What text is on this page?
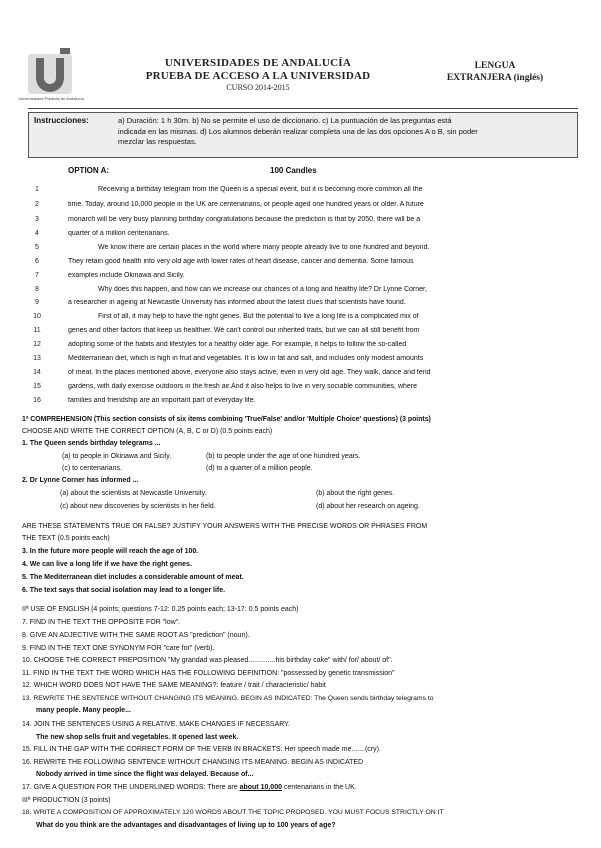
Universidades Públicas de Andalucía
UNIVERSIDADES DE ANDALUCÍA
PRUEBA DE ACCESO A LA UNIVERSIDAD
CURSO 2014-2015
LENGUA
EXTRANJERA (inglés)
Instrucciones:	a) Duración: 1 h 30m. b) No se permite el uso de diccionario. c) La puntuación de las preguntas está
indicada en las mismas. d) Los alumnos deberán realizar completa una de las dos opciones A o B, sin poder
mezclar las respuestas.
OPTION A:	100 Candles
1	Receiving a birthday telegram from the Queen is a special event, but it is becoming more common all the
2	time. Today, around 10,000 people in the UK are centenarians, or people aged one hundred years or older. A future
3	monarch will be very busy planning birthday congratulations because the prediction is that by 2050, there will be a
4	quarter of a million centenarians.
5	We know there are certain places in the world where many people already live to one hundred and beyond.
6	They retain good health into very old age with lower rates of heart disease, cancer and dementia. Some famous
7	examples include Okinawa and Sicily.
8	Why does this happen, and how can we increase our chances of a long and healthy life? Dr Lynne Corner,
9	a researcher in ageing at Newcastle University has informed about the latest clues that scientists have found.
10	First of all, it may help to have the right genes. But the potential to live a long life is a complicated mix of
11	genes and other factors that keep us healthier. We can't control our inherited traits, but we can all still benefit from
12	adopting some of the habits and lifestyles for a healthy older age. For example, it helps to follow the so-called
13	Mediterranean diet, which is high in fruit and vegetables. It is low in fat and salt, and includes only modest amounts
14	of meat. In the places mentioned above, everyone also stays active, even in very old age. They walk, dance and tend
15	gardens, with daily exercise outdoors in the fresh air.And it also helps to live in very sociable communities, where
16	families and friendship are an important part of everyday life.
1ª COMPREHENSION (This section consists of six items combining 'True/False' and/or 'Multiple Choice' questions) (3 points)
CHOOSE AND WRITE THE CORRECT OPTION (A, B, C or D) (0.5 points each)
1. The Queen sends birthday telegrams ...
(a) to people in Okinawa and Sicily.	(b) to people under the age of one hundred years.
(c) to centenarians.	(d) to a quarter of a million people.
2. Dr Lynne Corner has informed ...
(a) about the scientists at Newcastle University.	(b) about the right genes.
(c) about new discoveries by scientists in her field.	(d) about her research on ageing.
ARE THESE STATEMENTS TRUE OR FALSE? JUSTIFY YOUR ANSWERS WITH THE PRECISE WORDS OR PHRASES FROM
THE TEXT (0.5 points each)
3. In the future more people will reach the age of 100.
4. We can live a long life if we have the right genes.
5. The Mediterranean diet includes a considerable amount of meat.
6. The text says that social isolation may lead to a longer life.
IIª USE OF ENGLISH (4 points; questions 7-12: 0.25 points each; 13-17: 0.5 points each)
7. FIND IN THE TEXT THE OPPOSITE FOR "low".
8. GIVE AN ADJECTIVE WITH THE SAME ROOT AS "prediction" (noun).
9. FIND IN THE TEXT ONE SYNONYM FOR "care for" (verb).
10. CHOOSE THE CORRECT PREPOSITION "My grandad was pleased..............his birthday cake" with/ for/ about/ of".
11. FIND IN THE TEXT THE WORD WHICH HAS THE FOLLOWING DEFINITION: "possessed by genetic transmission"
12. WHICH WORD DOES NOT HAVE THE SAME MEANING?: feature / trait / characteristic/ habit
13. REWRITE THE SENTENCE WITHOUT CHANGING ITS MEANING. BEGIN AS INDICATED: The Queen sends birthday telegrams to
many people. Many people...
14. JOIN THE SENTENCES USING A RELATIVE. MAKE CHANGES IF NECESSARY.
The new shop sells fruit and vegetables. It opened last week.
15. FILL IN THE GAP WITH THE CORRECT FORM OF THE VERB IN BRACKETS: Her speech made me.......(cry).
16. REWRITE THE FOLLOWING SENTENCE WITHOUT CHANGING ITS MEANING. BEGIN AS INDICATED
Nobody arrived in time since the flight was delayed. Because of...
17. GIVE A QUESTION FOR THE UNDERLINED WORDS: There are about 10,000 centenarians in the UK.
IIIª PRODUCTION (3 points)
18. WRITE A COMPOSITION OF APPROXIMATELY 120 WORDS ABOUT THE TOPIC PROPOSED. YOU MUST FOCUS STRICTLY ON IT
What do you think are the advantages and disadvantages of living up to 100 years of age?
